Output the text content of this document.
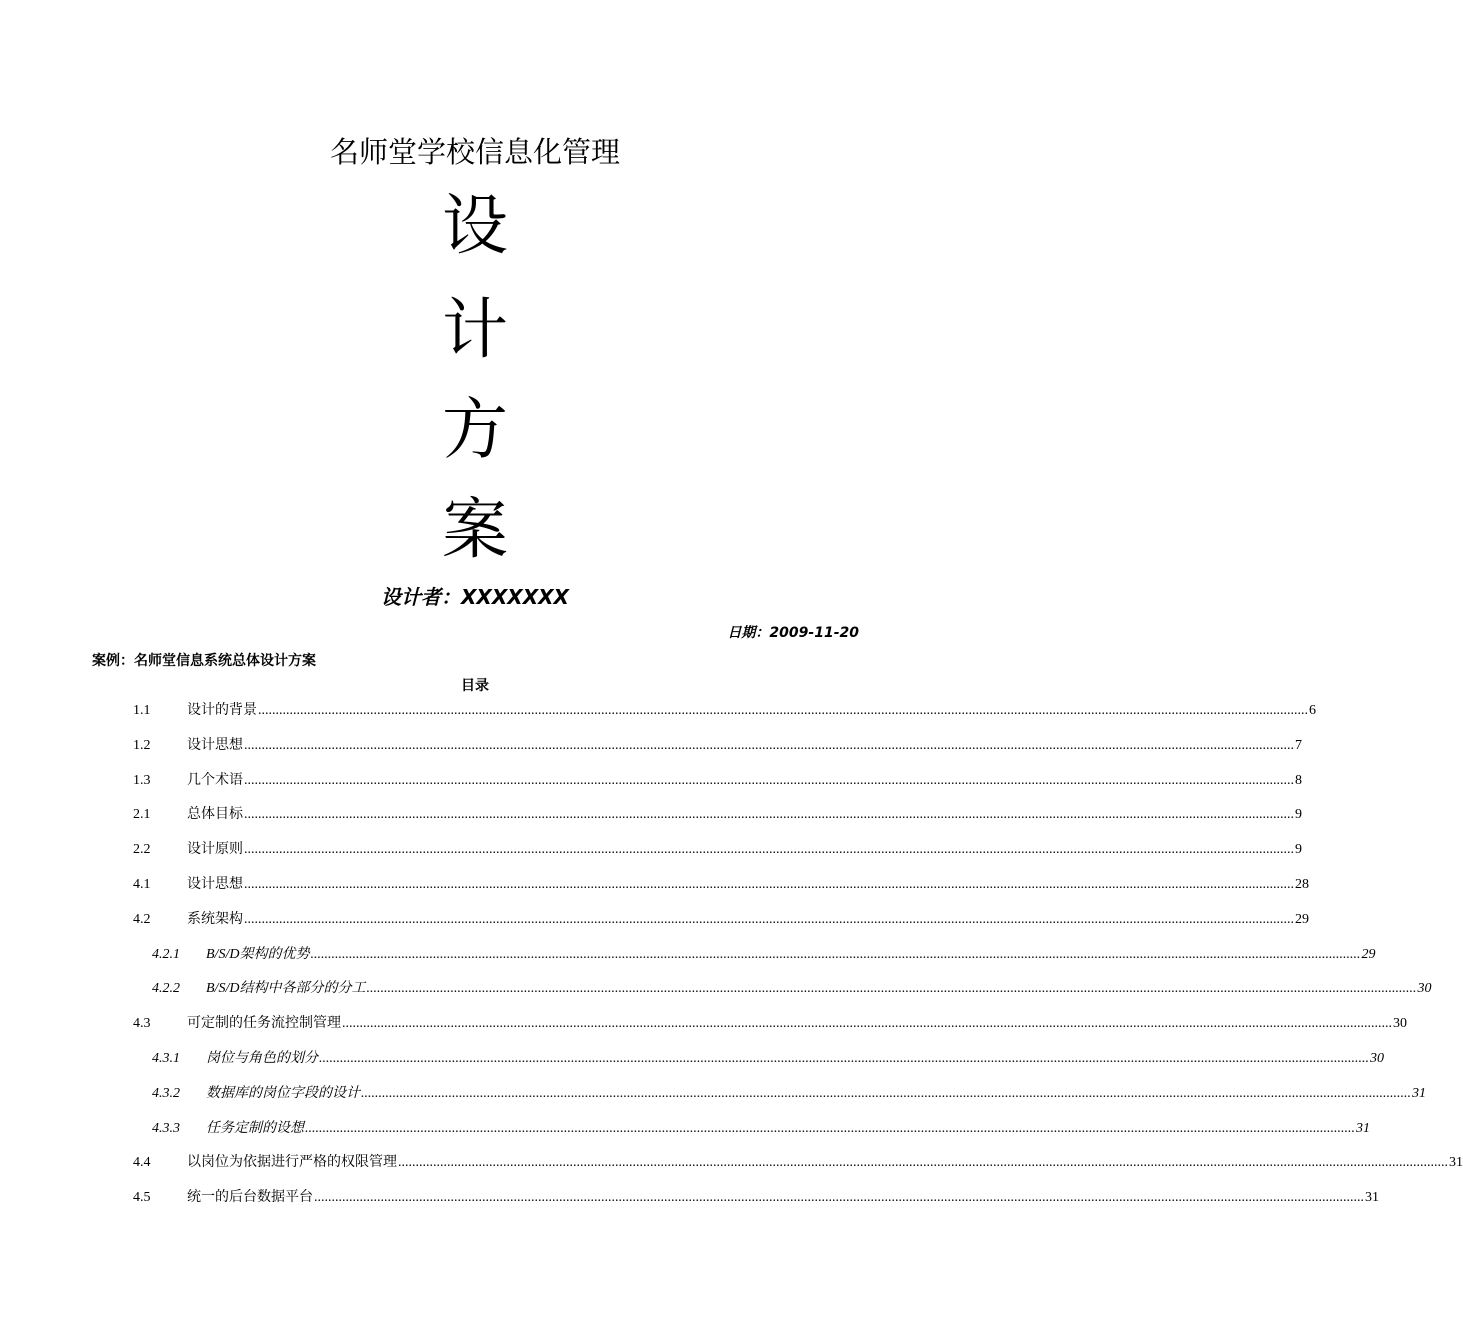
名师堂学校信息化管理
设
计
方
案
设计者：XXXXXXX
日期：2009-11-20
案例：名师堂信息系统总体设计方案
目录
1.1	设计的背景 ............................................................................................................................................................................................................................................................................................................ 6
1.2	设计思想 ............................................................................................................................................................................................................................................................................................................ 7
1.3	几个术语 ............................................................................................................................................................................................................................................................................................................ 8
2.1	总体目标 ............................................................................................................................................................................................................................................................................................................ 9
2.2	设计原则 ............................................................................................................................................................................................................................................................................................................ 9
4.1	设计思想 ............................................................................................................................................................................................................................................................................................................ 28
4.2	系统架构 ............................................................................................................................................................................................................................................................................................................ 29
4.2.1	B/S/D架构的优势 ............................................................................................................................................................................................................................................................................................................ 29
4.2.2	B/S/D结构中各部分的分工 ............................................................................................................................................................................................................................................................................................................ 30
4.3	可定制的任务流控制管理 ............................................................................................................................................................................................................................................................................................................ 30
4.3.1	岗位与角色的划分 ............................................................................................................................................................................................................................................................................................................ 30
4.3.2	数据库的岗位字段的设计 ............................................................................................................................................................................................................................................................................................................ 31
4.3.3	任务定制的设想 ............................................................................................................................................................................................................................................................................................................ 31
4.4	以岗位为依据进行严格的权限管理 ............................................................................................................................................................................................................................................................................................................ 31
4.5	统一的后台数据平台 ............................................................................................................................................................................................................................................................................................................ 31
